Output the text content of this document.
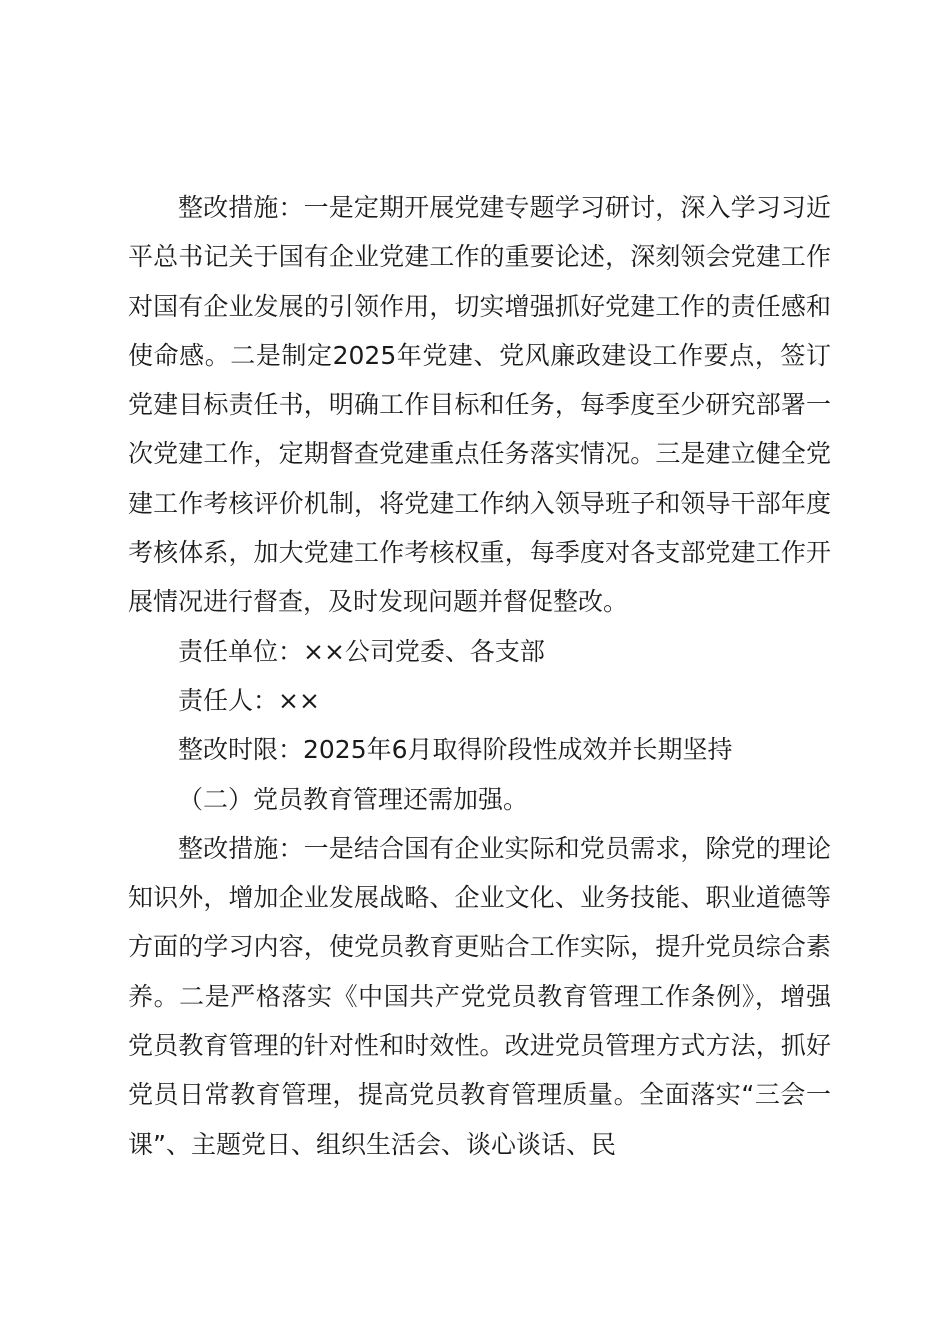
整改措施：一是定期开展党建专题学习研讨，深入学习习近平总书记关于国有企业党建工作的重要论述，深刻领会党建工作对国有企业发展的引领作用，切实增强抓好党建工作的责任感和使命感。二是制定2025年党建、党风廉政建设工作要点，签订党建目标责任书，明确工作目标和任务，每季度至少研究部署一次党建工作，定期督查党建重点任务落实情况。三是建立健全党建工作考核评价机制，将党建工作纳入领导班子和领导干部年度考核体系，加大党建工作考核权重，每季度对各支部党建工作开展情况进行督查，及时发现问题并督促整改。

责任单位：××公司党委、各支部

责任人：××

整改时限：2025年6月取得阶段性成效并长期坚持

（二）党员教育管理还需加强。

整改措施：一是结合国有企业实际和党员需求，除党的理论知识外，增加企业发展战略、企业文化、业务技能、职业道德等方面的学习内容，使党员教育更贴合工作实际，提升党员综合素养。二是严格落实《中国共产党党员教育管理工作条例》，增强党员教育管理的针对性和时效性。改进党员管理方式方法，抓好党员日常教育管理，提高党员教育管理质量。全面落实“三会一课”、主题党日、组织生活会、谈心谈话、民
